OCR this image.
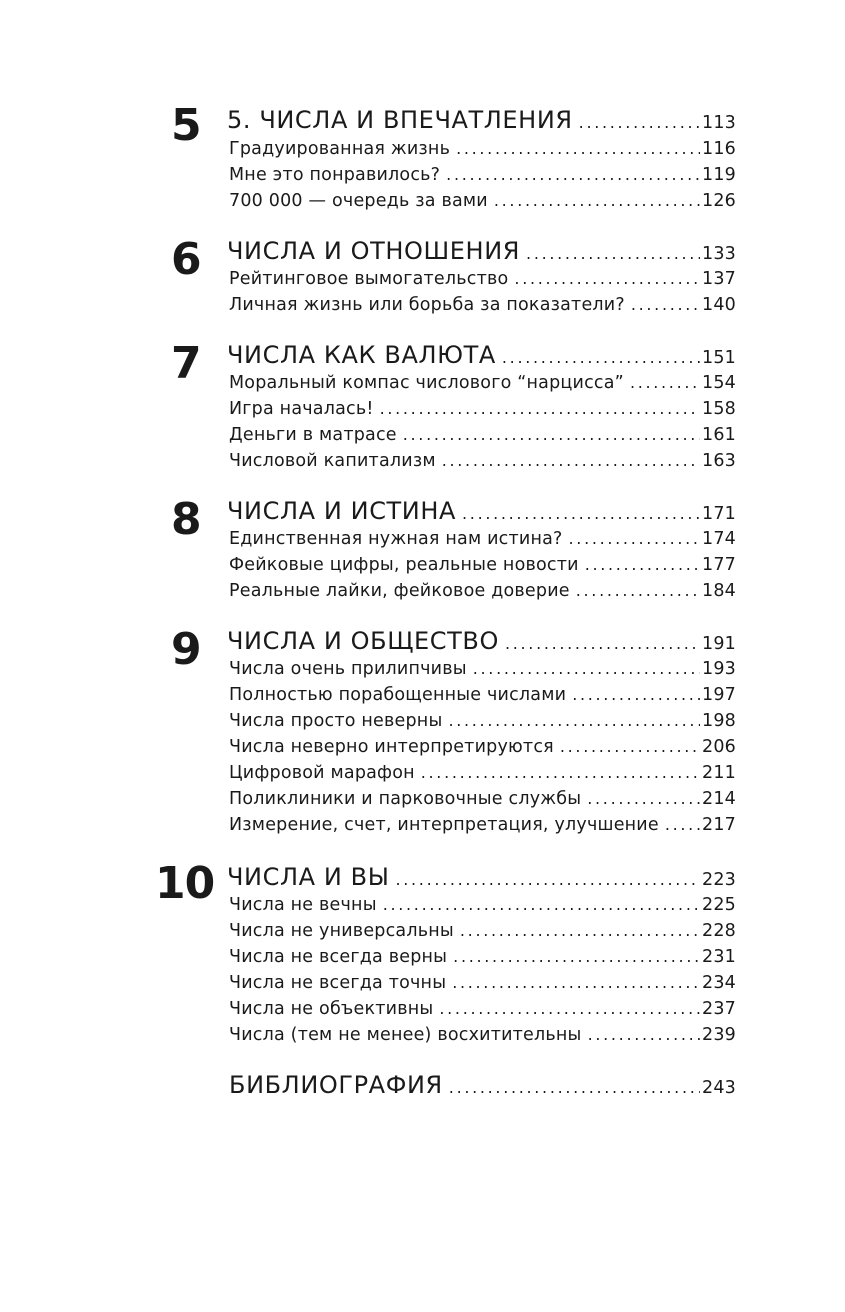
5 5. ЧИСЛА И ВПЕЧАТЛЕНИЯ . . .	113
Градуированная жизнь . . .	116
Мне это понравилось? . . .	119
700 000 — очередь за вами . . .	126
6 ЧИСЛА И ОТНОШЕНИЯ . . .	133
Рейтинговое вымогательство . . .	137
Личная жизнь или борьба за показатели? . . .	140
7 ЧИСЛА КАК ВАЛЮТА . . .	151
Моральный компас числового “нарцисса” . . .	154
Игра началась! . . .	158
Деньги в матрасе . . .	161
Числовой капитализм . . .	163
8 ЧИСЛА И ИСТИНА . . .	171
Единственная нужная нам истина? . . .	174
Фейковые цифры, реальные новости . . .	177
Реальные лайки, фейковое доверие . . .	184
9 ЧИСЛА И ОБЩЕСТВО . . .	191
Числа очень прилипчивы . . .	193
Полностью порабощенные числами . . .	197
Числа просто неверны . . .	198
Числа неверно интерпретируются . . .	206
Цифровой марафон . . .	211
Поликлиники и парковочные службы . . .	214
Измерение, счет, интерпретация, улучшение . . . 217
10 ЧИСЛА И ВЫ . . .	223
Числа не вечны . . .	225
Числа не универсальны . . .	228
Числа не всегда верны . . .	231
Числа не всегда точны . . .	234
Числа не объективны . . .	237
Числа (тем не менее) восхитительны . . .	239
БИБЛИОГРАФИЯ . . .	243
